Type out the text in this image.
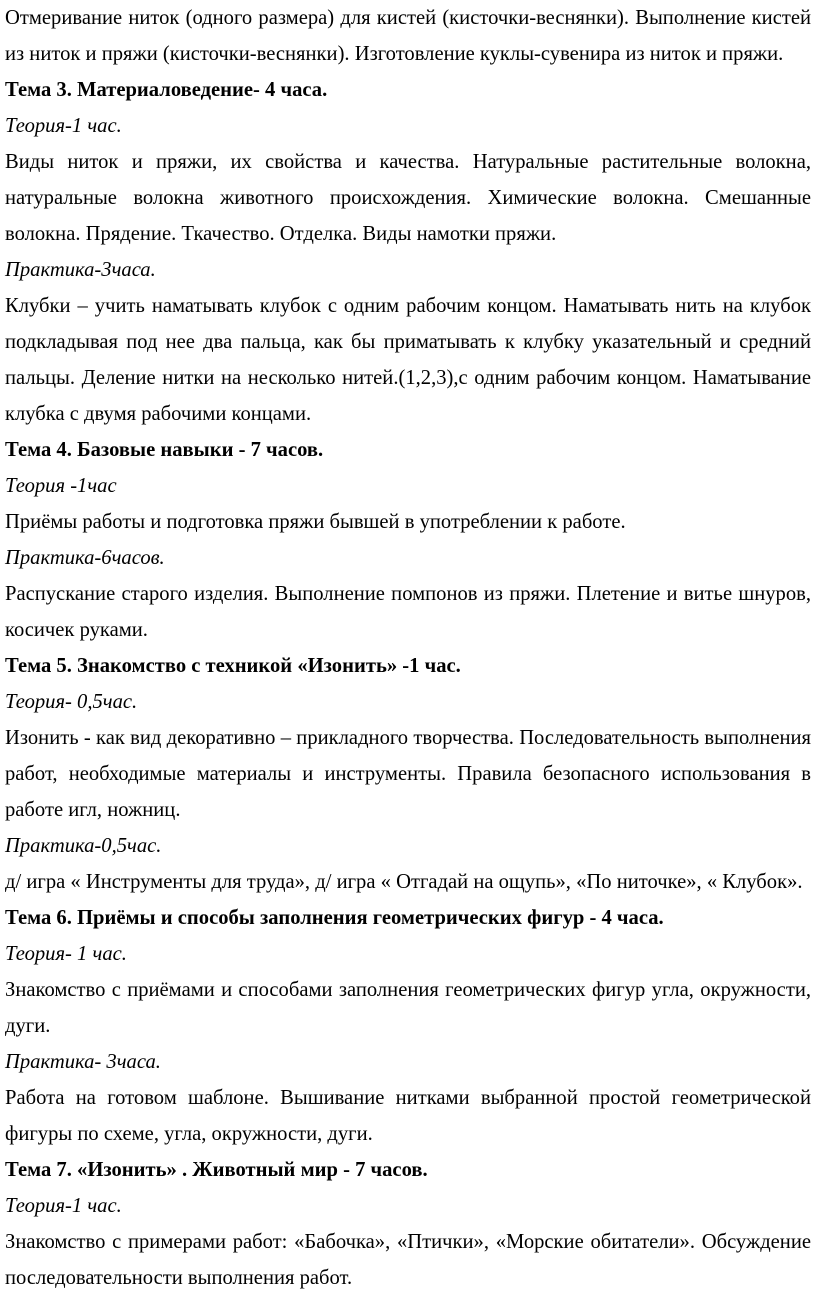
Отмеривание ниток (одного размера) для кистей (кисточки-веснянки). Выполнение кистей из ниток и пряжи (кисточки-веснянки). Изготовление куклы-сувенира из ниток и пряжи.

Тема 3. Материаловедение- 4 часа.

Теория-1 час.

Виды ниток и пряжи, их свойства и качества. Натуральные растительные волокна, натуральные волокна животного происхождения. Химические волокна. Смешанные волокна. Прядение. Ткачество. Отделка. Виды намотки пряжи.

Практика-3часа.

Клубки – учить наматывать клубок с одним рабочим концом. Наматывать нить на клубок подкладывая под нее два пальца, как бы приматывать к клубку указательный и средний пальцы. Деление нитки на несколько нитей.(1,2,3),с одним рабочим концом. Наматывание клубка с двумя рабочими концами.

Тема 4. Базовые навыки - 7 часов.

Теория -1час

Приёмы работы и подготовка пряжи бывшей в употреблении к работе.

Практика-6часов.

Распускание старого изделия. Выполнение помпонов из пряжи. Плетение и витье шнуров, косичек руками.

Тема 5. Знакомство с техникой «Изонить» -1 час.

Теория- 0,5час.

Изонить - как вид декоративно – прикладного творчества. Последовательность выполнения работ, необходимые материалы и инструменты. Правила безопасного использования в работе игл, ножниц.

Практика-0,5час.

д/ игра « Инструменты для труда», д/ игра « Отгадай на ощупь», «По ниточке», « Клубок».

Тема 6. Приёмы и способы заполнения геометрических фигур - 4 часа.

Теория- 1 час.

Знакомство с приёмами и способами заполнения геометрических фигур угла, окружности, дуги.

Практика- 3часа.

Работа на готовом шаблоне. Вышивание нитками выбранной простой геометрической фигуры по схеме, угла, окружности, дуги.

Тема 7. «Изонить» . Животный мир - 7 часов.

Теория-1 час.

Знакомство с примерами работ: «Бабочка», «Птички», «Морские обитатели». Обсуждение последовательности выполнения работ.
